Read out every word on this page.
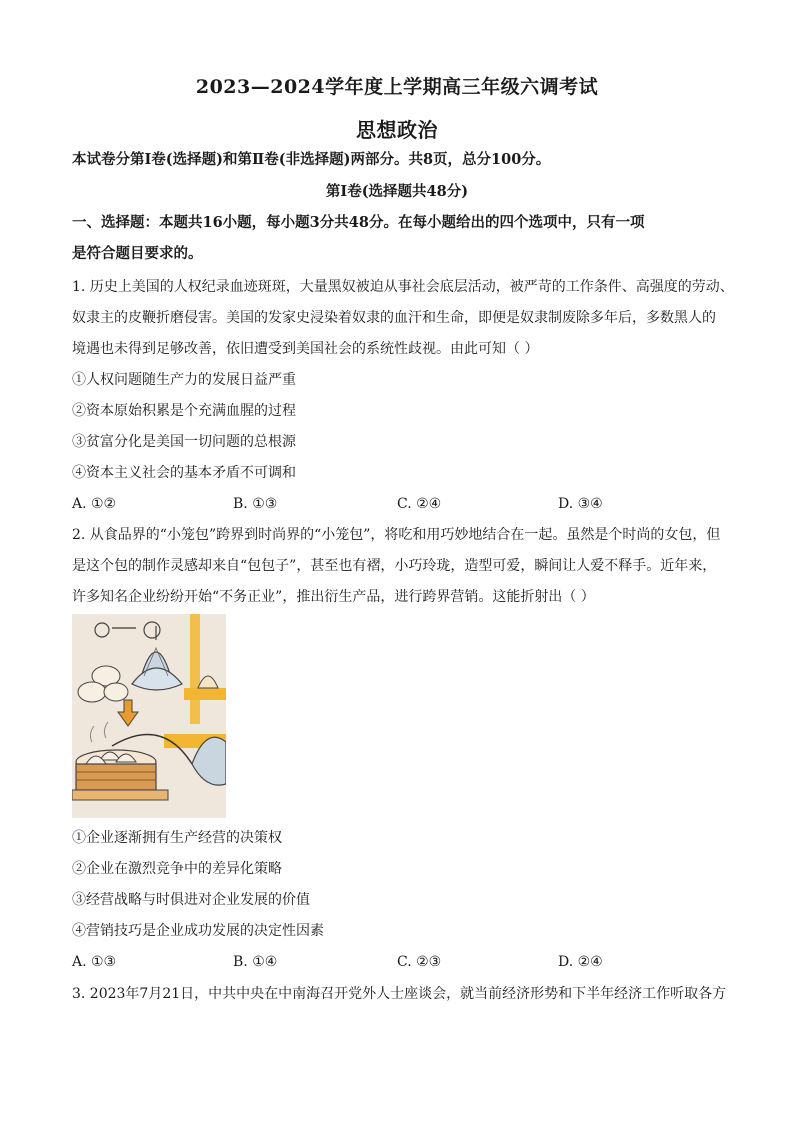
2023—2024学年度上学期高三年级六调考试
思想政治
本试卷分第Ⅰ卷(选择题)和第Ⅱ卷(非选择题)两部分。共8页，总分100分。
第Ⅰ卷(选择题共48分)
一、选择题：本题共16小题，每小题3分共48分。在每小题给出的四个选项中，只有一项
是符合题目要求的。
1. 历史上美国的人权纪录血迹斑斑，大量黑奴被迫从事社会底层活动，被严苛的工作条件、高强度的劳动、
奴隶主的皮鞭折磨侵害。美国的发家史浸染着奴隶的血汗和生命，即便是奴隶制废除多年后，多数黑人的
境遇也未得到足够改善，依旧遭受到美国社会的系统性歧视。由此可知（ ）
①人权问题随生产力的发展日益严重
②资本原始积累是个充满血腥的过程
③贫富分化是美国一切问题的总根源
④资本主义社会的基本矛盾不可调和
A. ①②	B. ①③	C. ②④	D. ③④
2. 从食品界的“小笼包”跨界到时尚界的“小笼包”，将吃和用巧妙地结合在一起。虽然是个时尚的女包，但
是这个包的制作灵感却来自“包包子”，甚至也有褶，小巧玲珑，造型可爱，瞬间让人爱不释手。近年来，
许多知名企业纷纷开始“不务正业”，推出衍生产品，进行跨界营销。这能折射出（ ）
①企业逐渐拥有生产经营的决策权
②企业在激烈竞争中的差异化策略
③经营战略与时俱进对企业发展的价值
④营销技巧是企业成功发展的决定性因素
A. ①③	B. ①④	C. ②③	D. ②④
3. 2023年7月21日，中共中央在中南海召开党外人士座谈会，就当前经济形势和下半年经济工作听取各方
